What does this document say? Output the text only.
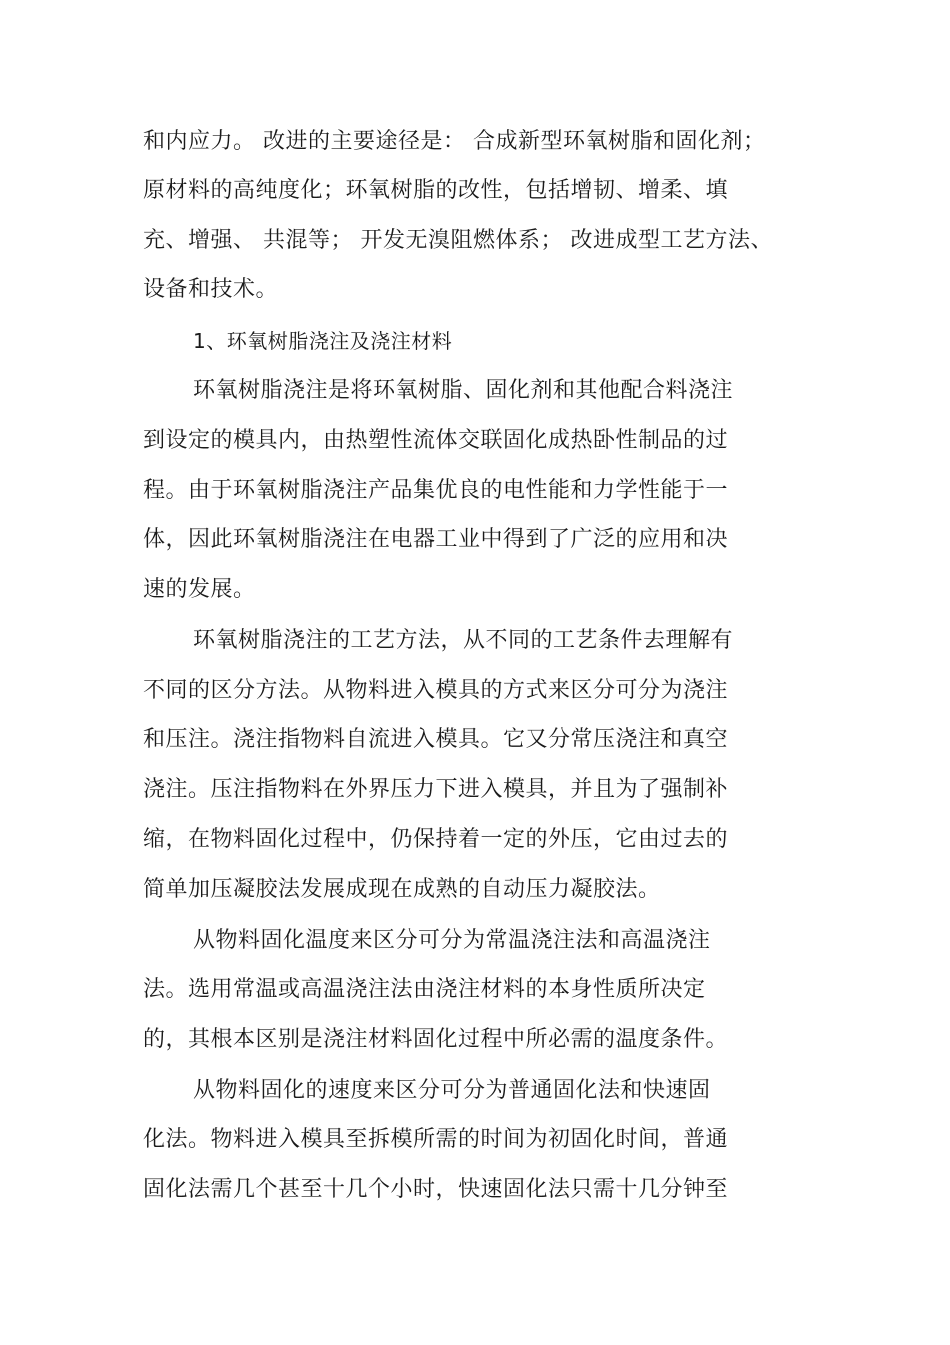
和内应力。 改进的主要途径是： 合成新型环氧树脂和固化剂；
原材料的高纯度化；环氧树脂的改性，包括增韧、增柔、填
充、增强、 共混等； 开发无溴阻燃体系； 改进成型工艺方法、
设备和技术。
1、环氧树脂浇注及浇注材料
环氧树脂浇注是将环氧树脂、固化剂和其他配合料浇注
到设定的模具内，由热塑性流体交联固化成热卧性制品的过
程。由于环氧树脂浇注产品集优良的电性能和力学性能于一
体，因此环氧树脂浇注在电器工业中得到了广泛的应用和决
速的发展。
环氧树脂浇注的工艺方法，从不同的工艺条件去理解有
不同的区分方法。从物料进入模具的方式来区分可分为浇注
和压注。浇注指物料自流进入模具。它又分常压浇注和真空
浇注。压注指物料在外界压力下进入模具，并且为了强制补
缩，在物料固化过程中，仍保持着一定的外压，它由过去的
简单加压凝胶法发展成现在成熟的自动压力凝胶法。
从物料固化温度来区分可分为常温浇注法和高温浇注
法。选用常温或高温浇注法由浇注材料的本身性质所决定
的，其根本区别是浇注材料固化过程中所必需的温度条件。
从物料固化的速度来区分可分为普通固化法和快速固
化法。物料进入模具至拆模所需的时间为初固化时间，普通
固化法需几个甚至十几个小时，快速固化法只需十几分钟至
